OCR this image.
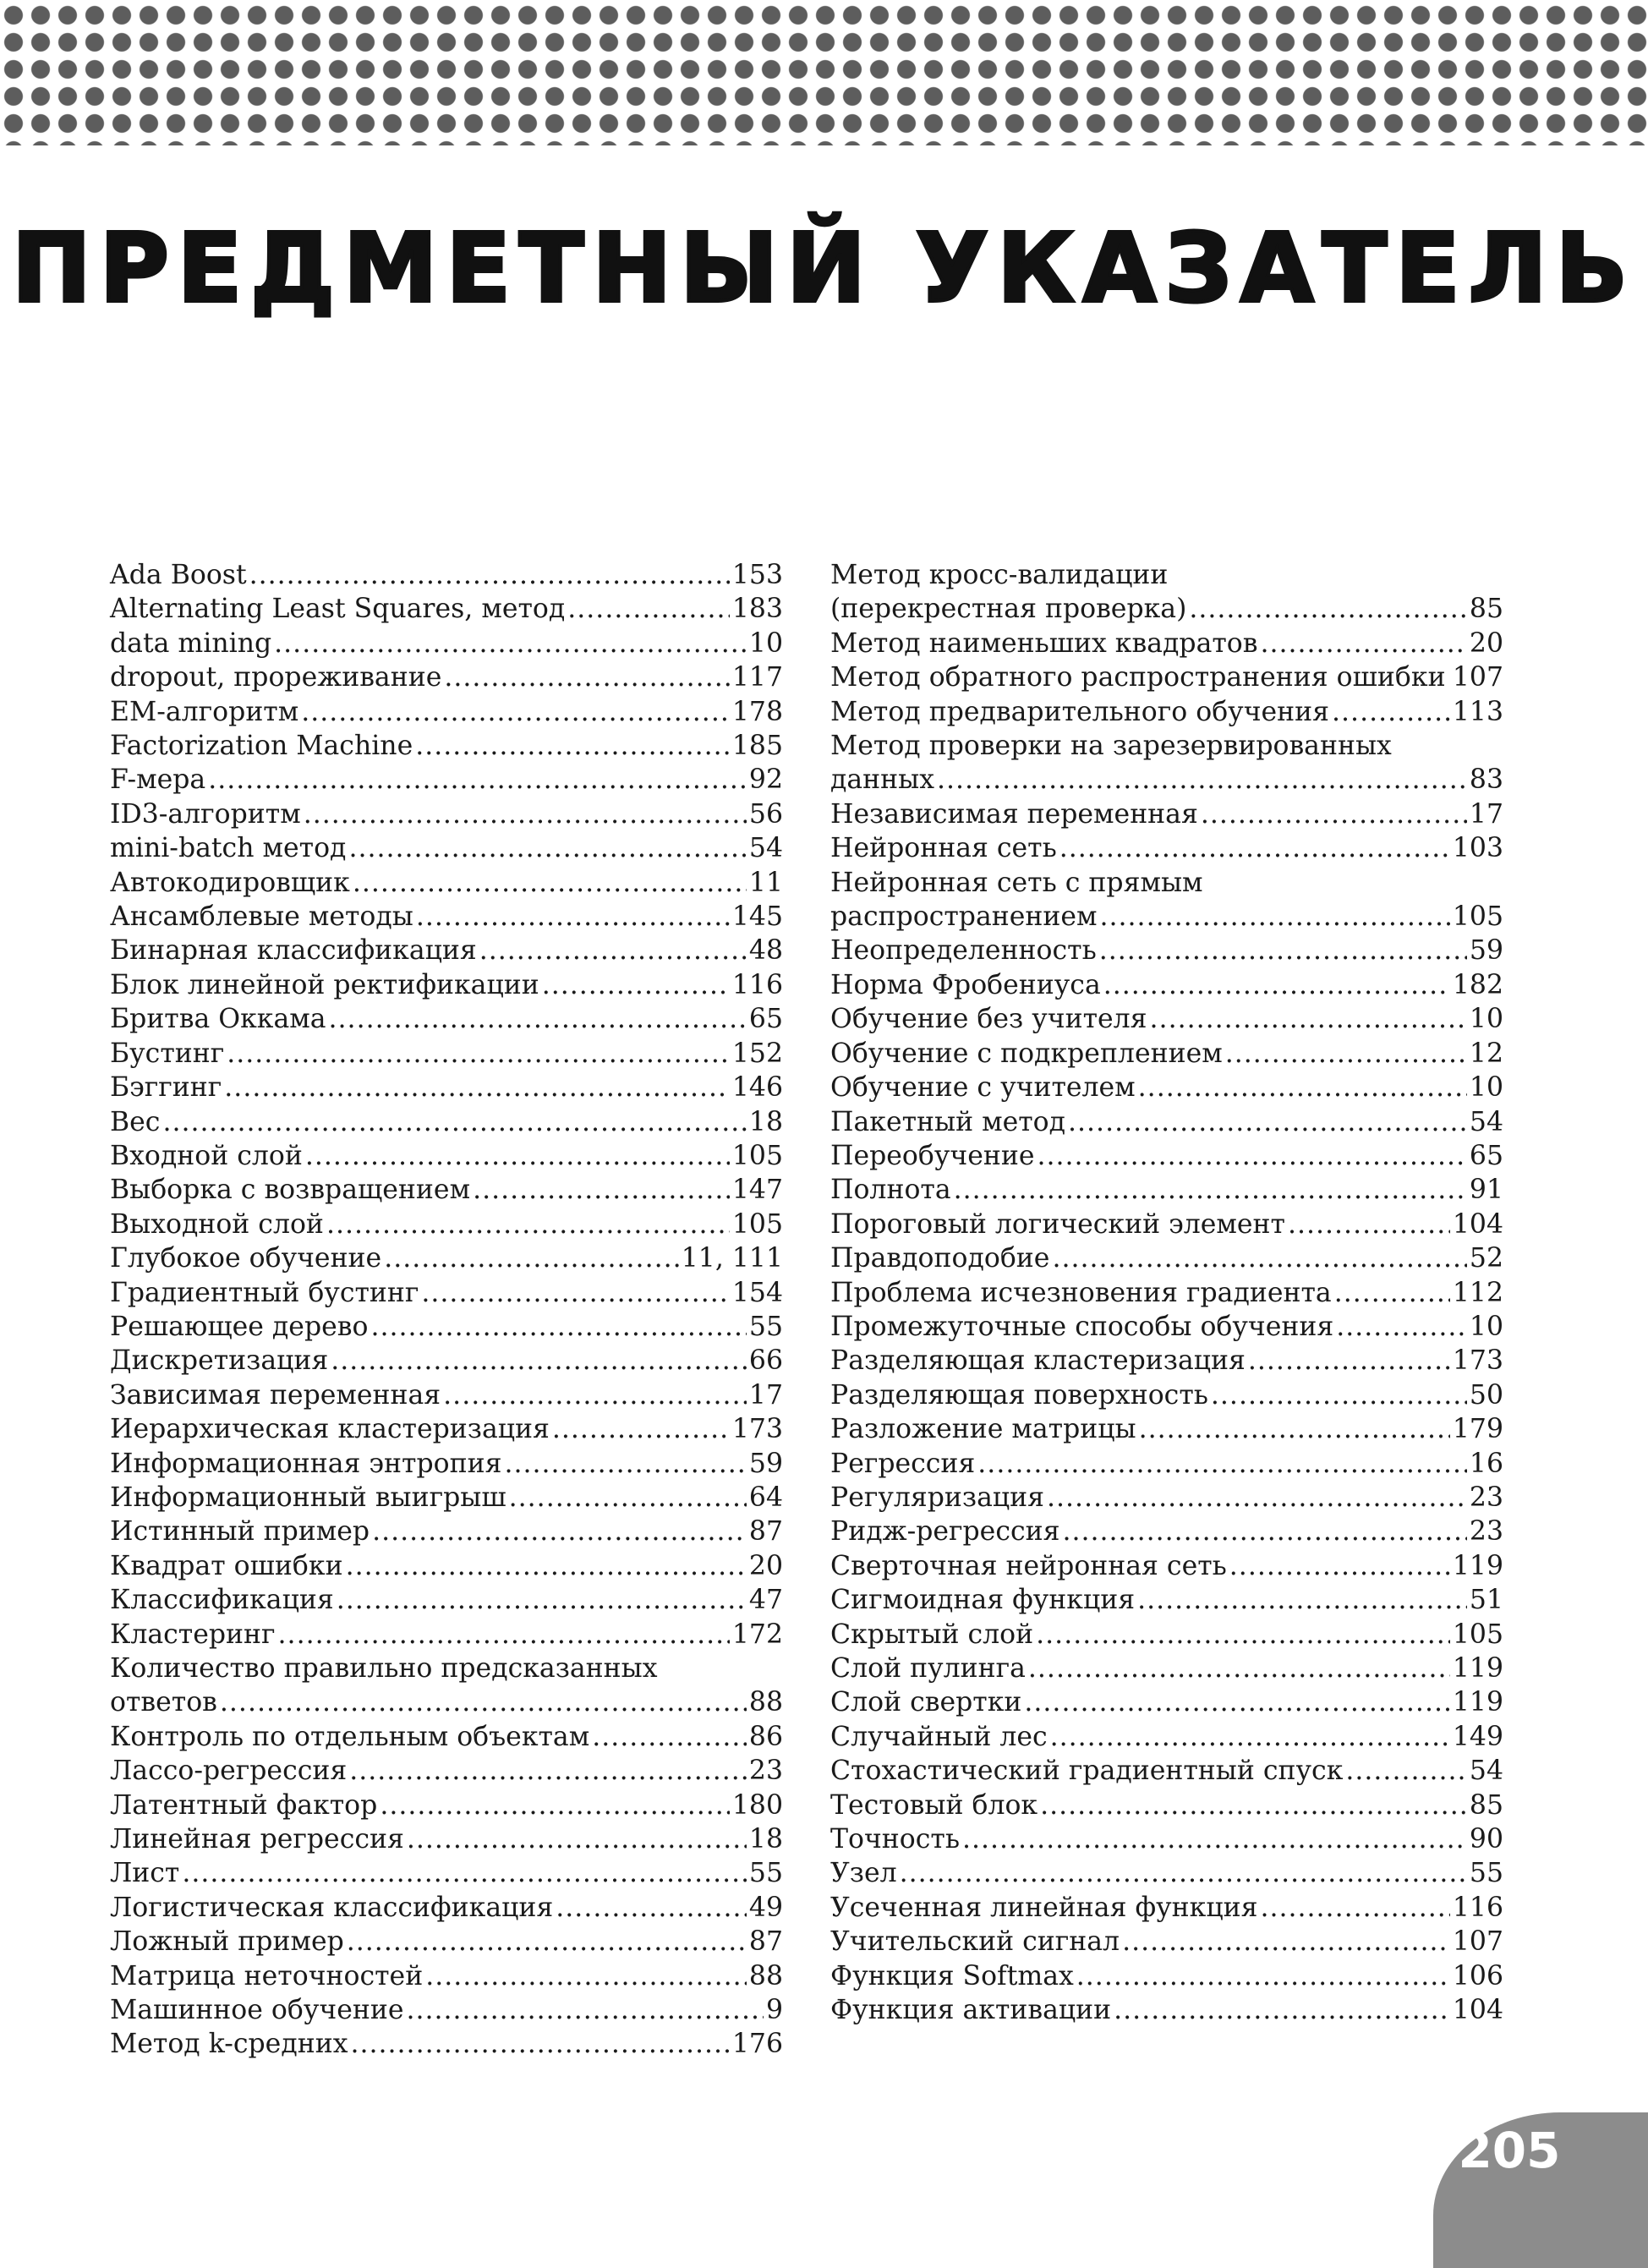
ПРЕДМЕТНЫЙ УКАЗАТЕЛЬ
Ada Boost .....	153
Alternating Least Squares, метод .....	183
data mining .....	10
dropout, прореживание .....	117
EM-алгоритм .....	178
Factorization Machine .....	185
F-мера .....	92
ID3-алгоритм .....	56
mini-batch метод .....	54
Автокодировщик .....	11
Ансамблевые методы .....	145
Бинарная классификация .....	48
Блок линейной ректификации .....	116
Бритва Оккама .....	65
Бустинг .....	152
Бэггинг .....	146
Вес .....	18
Входной слой .....	105
Выборка с возвращением .....	147
Выходной слой .....	105
Глубокое обучение .....	11, 111
Градиентный бустинг .....	154
Решающее дерево .....	55
Дискретизация .....	66
Зависимая переменная .....	17
Иерархическая кластеризация .....	173
Информационная энтропия .....	59
Информационный выигрыш .....	64
Истинный пример .....	87
Квадрат ошибки .....	20
Классификация .....	47
Кластеринг .....	172
Количество правильно предсказанных
ответов .....	88
Контроль по отдельным объектам .....	86
Лассо-регрессия .....	23
Латентный фактор .....	180
Линейная регрессия .....	18
Лист .....	55
Логистическая классификация .....	49
Ложный пример .....	87
Матрица неточностей .....	88
Машинное обучение .....	9
Метод k-средних .....	176
Метод кросс-валидации
(перекрестная проверка) .....	85
Метод наименьших квадратов .....	20
Метод обратного распространения ошибки ..... 107
Метод предварительного обучения .....	113
Метод проверки на зарезервированных
данных .....	83
Независимая переменная .....	17
Нейронная сеть .....	103
Нейронная сеть с прямым
распространением .....	105
Неопределенность .....	59
Норма Фробениуса .....	182
Обучение без учителя .....	10
Обучение с подкреплением .....	12
Обучение с учителем .....	10
Пакетный метод .....	54
Переобучение .....	65
Полнота .....	91
Пороговый логический элемент .....	104
Правдоподобие .....	52
Проблема исчезновения градиента .....	112
Промежуточные способы обучения .....	10
Разделяющая кластеризация .....	173
Разделяющая поверхность .....	50
Разложение матрицы .....	179
Регрессия .....	16
Регуляризация .....	23
Ридж-регрессия .....	23
Сверточная нейронная сеть .....	119
Сигмоидная функция .....	51
Скрытый слой .....	105
Слой пулинга .....	119
Слой свертки .....	119
Случайный лес .....	149
Стохастический градиентный спуск .....	54
Тестовый блок .....	85
Точность .....	90
Узел .....	55
Усеченная линейная функция .....	116
Учительский сигнал .....	107
Функция Softmax .....	106
Функция активации .....	104
205
